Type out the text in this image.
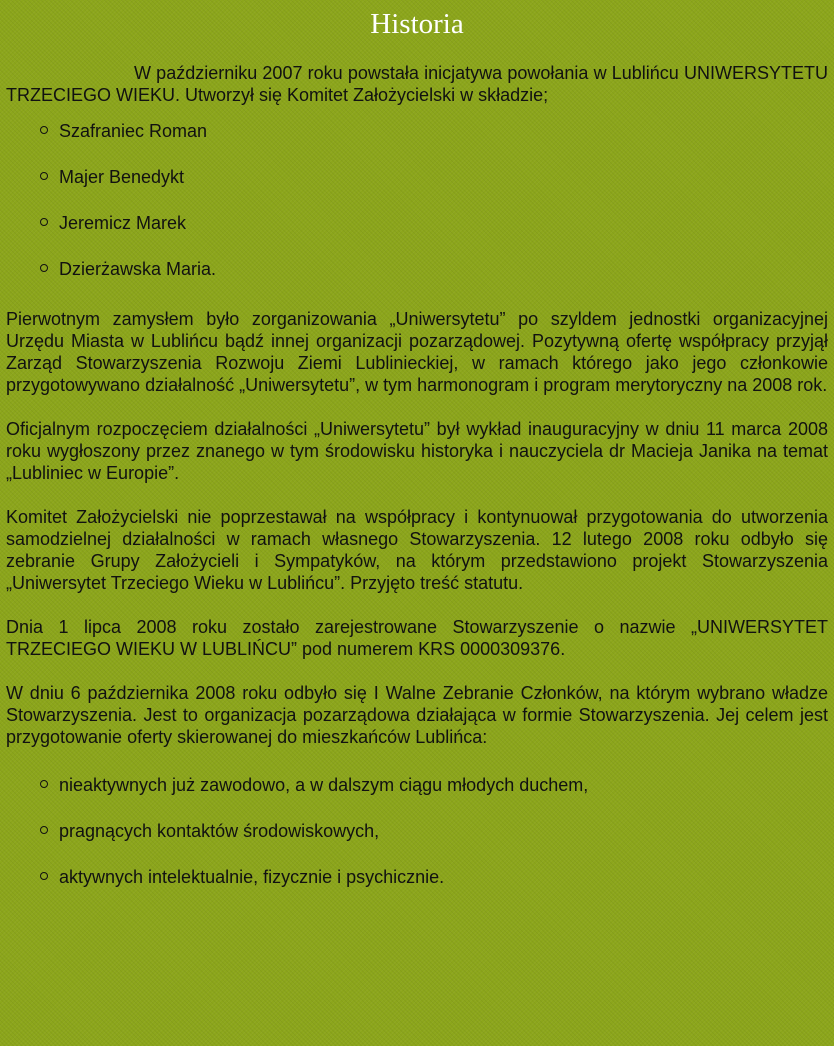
Historia

W październiku 2007 roku powstała inicjatywa powołania w Lublińcu UNIWERSYTETU TRZECIEGO WIEKU. Utworzył się Komitet Założycielski w składzie;

Szafraniec Roman
Majer Benedykt
Jeremicz Marek
Dzierżawska Maria.

Pierwotnym zamysłem było zorganizowania „Uniwersytetu” po szyldem jednostki organizacyjnej Urzędu Miasta w Lublińcu bądź innej organizacji pozarządowej. Pozytywną ofertę współpracy przyjął Zarząd Stowarzyszenia Rozwoju Ziemi Lublinieckiej, w ramach którego jako jego członkowie przygotowywano działalność „Uniwersytetu”, w tym harmonogram i program merytoryczny na 2008 rok.

Oficjalnym rozpoczęciem działalności „Uniwersytetu” był wykład inauguracyjny w dniu 11 marca 2008 roku wygłoszony przez znanego w tym środowisku historyka i nauczyciela dr Macieja Janika na temat „Lubliniec w Europie”.

Komitet Założycielski nie poprzestawał na współpracy i kontynuował przygotowania do utworzenia samodzielnej działalności w ramach własnego Stowarzyszenia. 12 lutego 2008 roku odbyło się zebranie Grupy Założycieli i Sympatyków, na którym przedstawiono projekt Stowarzyszenia „Uniwersytet Trzeciego Wieku w Lublińcu”. Przyjęto treść statutu.

Dnia 1 lipca 2008 roku zostało zarejestrowane Stowarzyszenie o nazwie „UNIWERSYTET TRZECIEGO WIEKU W LUBLIŃCU” pod numerem KRS 0000309376.

W dniu 6 października 2008 roku odbyło się I Walne Zebranie Członków, na którym wybrano władze Stowarzyszenia. Jest to organizacja pozarządowa działająca w formie Stowarzyszenia. Jej celem jest przygotowanie oferty skierowanej do mieszkańców Lublińca:

nieaktywnych już zawodowo, a w dalszym ciągu młodych duchem,
pragnących kontaktów środowiskowych,
aktywnych intelektualnie, fizycznie i psychicznie.
